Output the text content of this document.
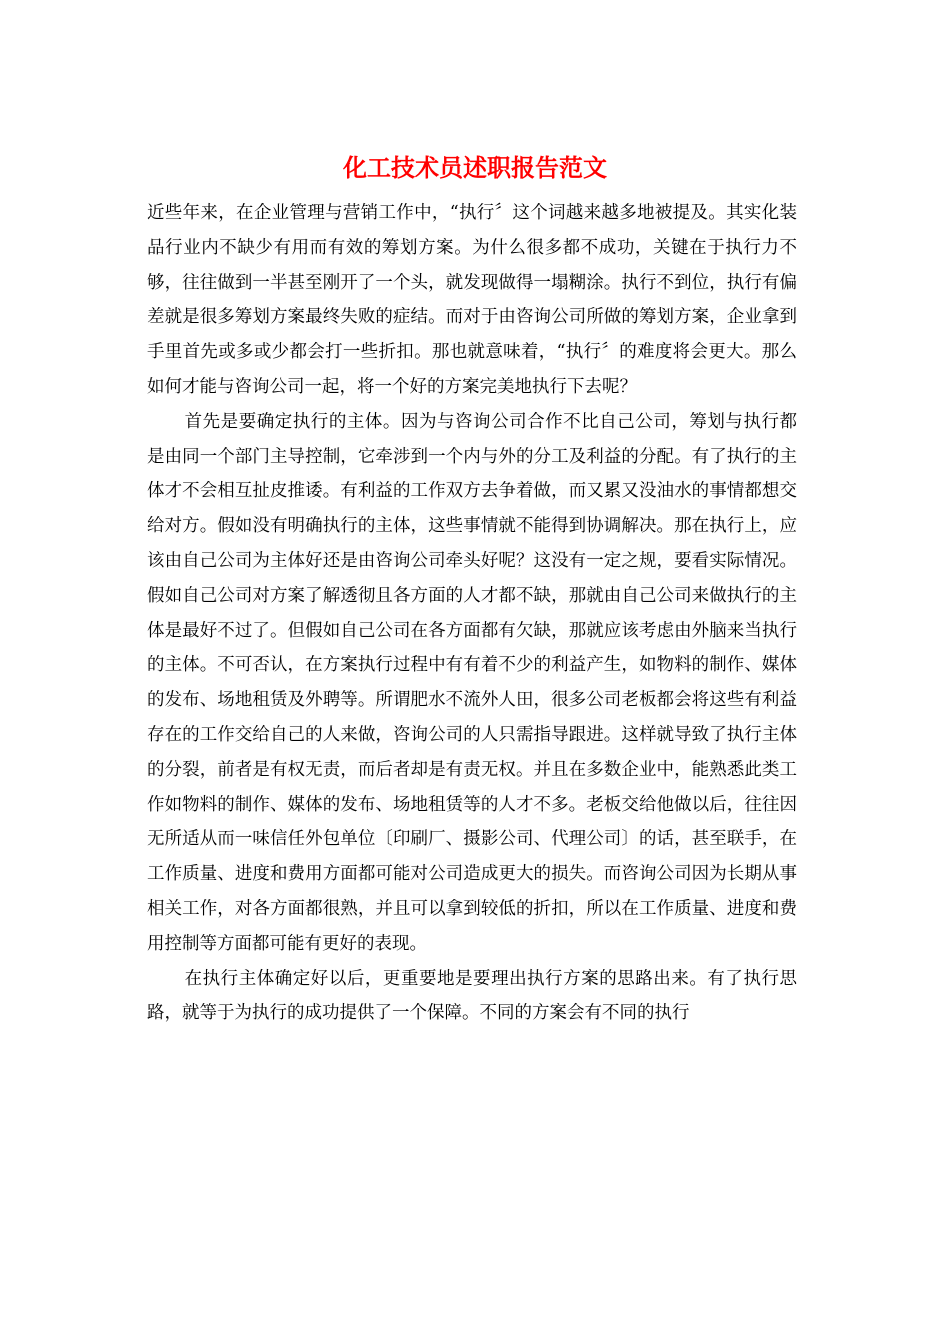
化工技术员述职报告范文

近些年来，在企业管理与营销工作中，“执行〞这个词越来越多地被提及。其实化装品行业内不缺少有用而有效的筹划方案。为什么很多都不成功，关键在于执行力不够，往往做到一半甚至刚开了一个头，就发现做得一塌糊涂。执行不到位，执行有偏差就是很多筹划方案最终失败的症结。而对于由咨询公司所做的筹划方案，企业拿到手里首先或多或少都会打一些折扣。那也就意味着，“执行〞的难度将会更大。那么如何才能与咨询公司一起，将一个好的方案完美地执行下去呢？

首先是要确定执行的主体。因为与咨询公司合作不比自己公司，筹划与执行都是由同一个部门主导控制，它牵涉到一个内与外的分工及利益的分配。有了执行的主体才不会相互扯皮推诿。有利益的工作双方去争着做，而又累又没油水的事情都想交给对方。假如没有明确执行的主体，这些事情就不能得到协调解决。那在执行上，应该由自己公司为主体好还是由咨询公司牵头好呢？这没有一定之规，要看实际情况。假如自己公司对方案了解透彻且各方面的人才都不缺，那就由自己公司来做执行的主体是最好不过了。但假如自己公司在各方面都有欠缺，那就应该考虑由外脑来当执行的主体。不可否认，在方案执行过程中有有着不少的利益产生，如物料的制作、媒体的发布、场地租赁及外聘等。所谓肥水不流外人田，很多公司老板都会将这些有利益存在的工作交给自己的人来做，咨询公司的人只需指导跟进。这样就导致了执行主体的分裂，前者是有权无责，而后者却是有责无权。并且在多数企业中，能熟悉此类工作如物料的制作、媒体的发布、场地租赁等的人才不多。老板交给他做以后，往往因无所适从而一味信任外包单位〔印刷厂、摄影公司、代理公司〕的话，甚至联手，在工作质量、进度和费用方面都可能对公司造成更大的损失。而咨询公司因为长期从事相关工作，对各方面都很熟，并且可以拿到较低的折扣，所以在工作质量、进度和费用控制等方面都可能有更好的表现。

在执行主体确定好以后，更重要地是要理出执行方案的思路出来。有了执行思路，就等于为执行的成功提供了一个保障。不同的方案会有不同的执行
